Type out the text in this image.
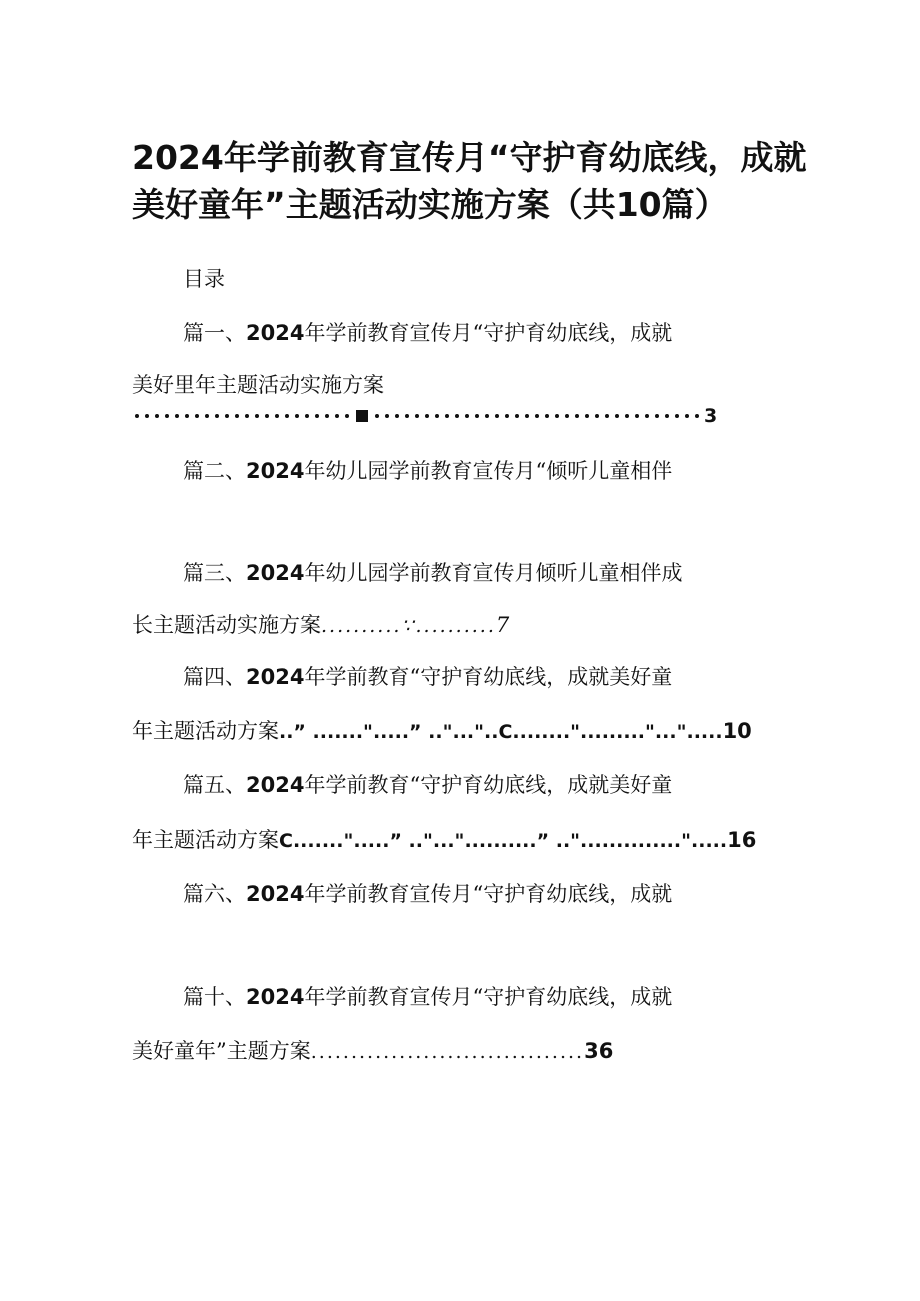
2024年学前教育宣传月“守护育幼底线，成就
美好童年”主题活动实施方案（共10篇）
目录
篇一、2024年学前教育宣传月“守护育幼底线，成就
美好里年主题活动实施方案
3
篇二、2024年幼儿园学前教育宣传月“倾听儿童相伴
篇三、2024年幼儿园学前教育宣传月倾听儿童相伴成
长主题活动实施方案..........∵..........7
篇四、2024年学前教育“守护育幼底线，成就美好童
年主题活动方案..” .......".....” .."..."..C........"........."...".....10
篇五、2024年学前教育“守护育幼底线，成就美好童
年主题活动方案C.......".....” .."..."..........” .."..............".....16
篇六、2024年学前教育宣传月“守护育幼底线，成就
篇十、2024年学前教育宣传月“守护育幼底线，成就
美好童年”主题方案..................................36
